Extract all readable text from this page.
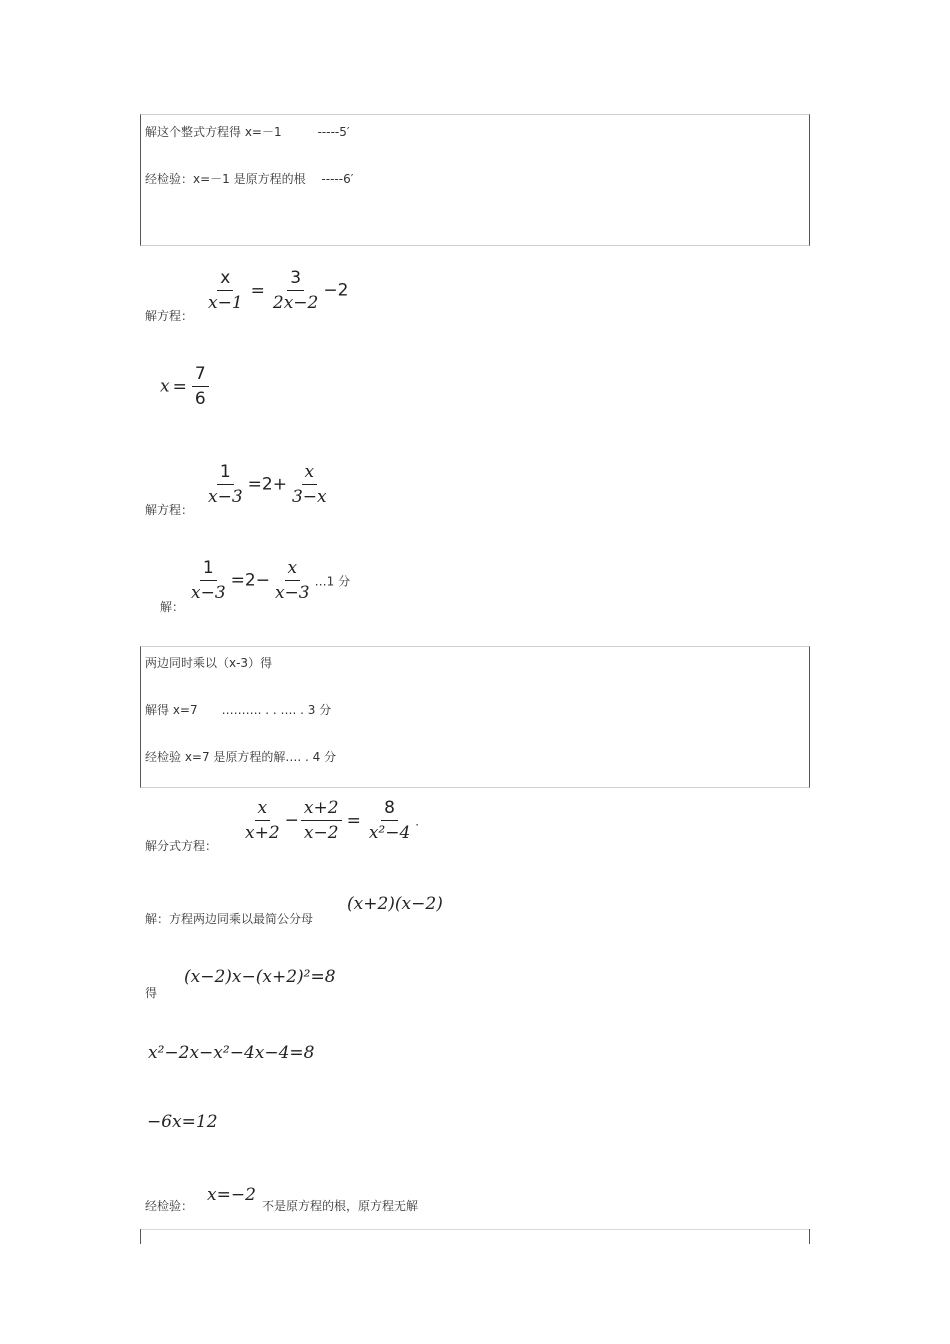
解这个整式方程得 x=－1　　　-----5′
经检验：x=－1 是原方程的根　 -----6′
解方程：
$\frac{x}{x-1} = \frac{3}{2x-2} -2$
$x = \frac{7}{6}$
解方程：
$\frac{1}{x-3} =2+ \frac{x}{3-x}$
解：
$\frac{1}{x-3} =2- \frac{x}{x-3}$ …1 分
两边同时乘以（x-3）得
解得 x=7　　………. . . …. . 3 分
经检验 x=7 是原方程的解…. . 4 分
解分式方程：
$\frac{x}{x+2} - \frac{x+2}{x-2} = \frac{8}{\text{x²−4}}$ .
解：方程两边同乘以最简公分母
(x+2)(x−2)
得
(x−2)x−(x+2)²=8
x²−2x−x²−4x−4=8
−6x=12
经检验：
x=−2
不是原方程的根，原方程无解
